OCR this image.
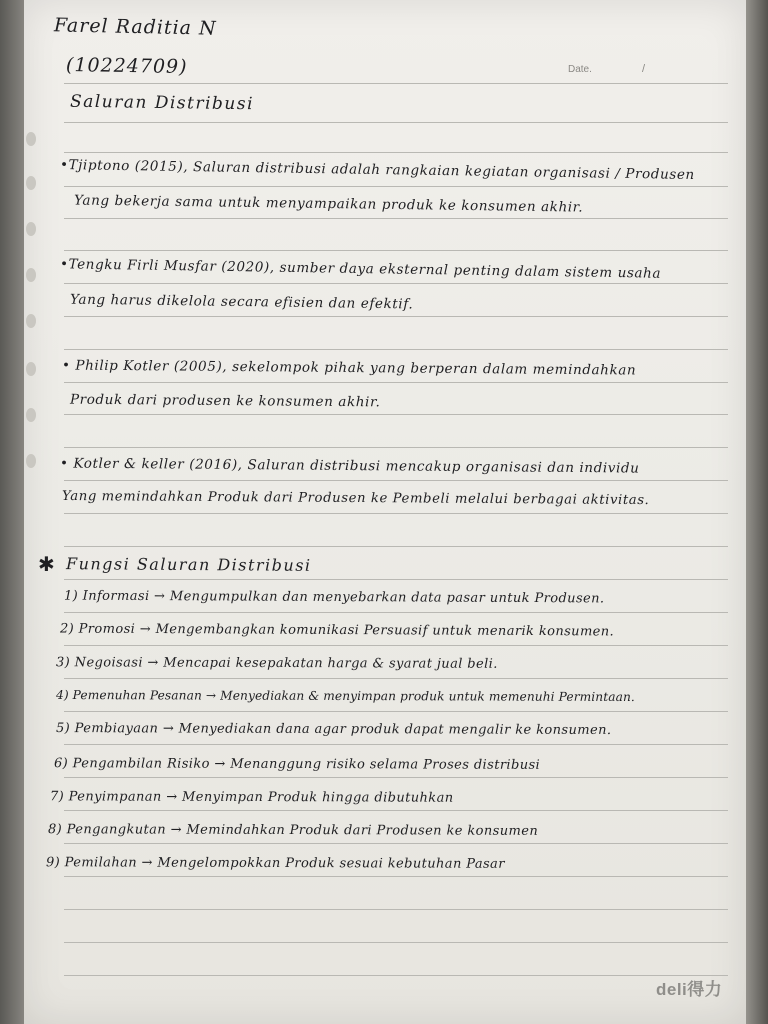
Farel Raditia N
(10224709)	Date.	/
Saluran Distribusi
•Tjiptono (2015), Saluran distribusi adalah rangkaian kegiatan organisasi / Produsen
Yang bekerja sama untuk menyampaikan produk ke konsumen akhir.
•Tengku Firli Musfar (2020), sumber daya eksternal penting dalam sistem usaha
Yang harus dikelola secara efisien dan efektif.
• Philip Kotler (2005), sekelompok pihak yang berperan dalam memindahkan
Produk dari produsen ke konsumen akhir.
• Kotler & keller (2016), Saluran distribusi mencakup organisasi dan individu
Yang memindahkan Produk dari Produsen ke Pembeli melalui berbagai aktivitas.
✱ Fungsi Saluran Distribusi
1) Informasi → Mengumpulkan dan menyebarkan data pasar untuk Produsen.
2) Promosi → Mengembangkan komunikasi Persuasif untuk menarik konsumen.
3) Negoisasi → Mencapai kesepakatan harga & syarat jual beli.
4) Pemenuhan Pesanan → Menyediakan & menyimpan produk untuk memenuhi Permintaan.
5) Pembiayaan → Menyediakan dana agar produk dapat mengalir ke konsumen.
6) Pengambilan Risiko → Menanggung risiko selama Proses distribusi
7) Penyimpanan → Menyimpan Produk hingga dibutuhkan
8) Pengangkutan → Memindahkan Produk dari Produsen ke konsumen
9) Pemilahan → Mengelompokkan Produk sesuai kebutuhan Pasar
deli得力
